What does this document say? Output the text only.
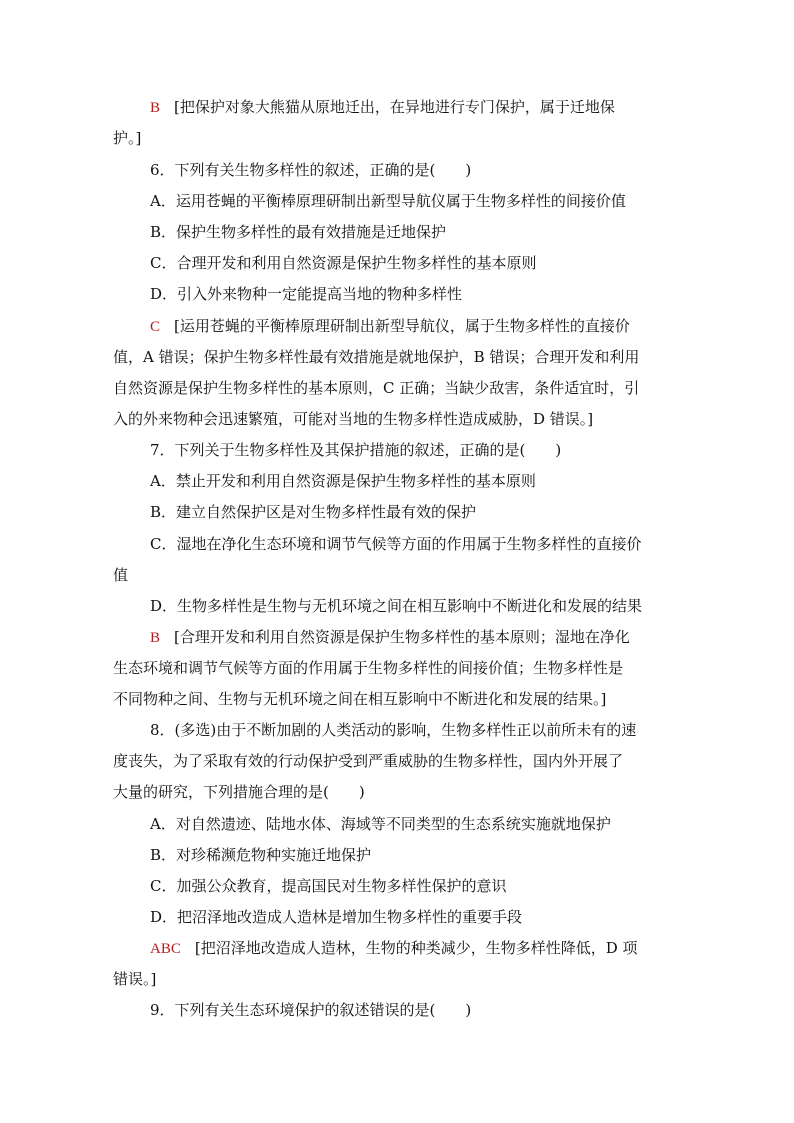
B [把保护对象大熊猫从原地迁出，在异地进行专门保护，属于迁地保
护。]
6．下列有关生物多样性的叙述，正确的是(　　)
A．运用苍蝇的平衡棒原理研制出新型导航仪属于生物多样性的间接价值
B．保护生物多样性的最有效措施是迁地保护
C．合理开发和利用自然资源是保护生物多样性的基本原则
D．引入外来物种一定能提高当地的物种多样性
C [运用苍蝇的平衡棒原理研制出新型导航仪，属于生物多样性的直接价
值，A 错误；保护生物多样性最有效措施是就地保护，B 错误；合理开发和利用
自然资源是保护生物多样性的基本原则，C 正确；当缺少敌害，条件适宜时，引
入的外来物种会迅速繁殖，可能对当地的生物多样性造成威胁，D 错误。]
7．下列关于生物多样性及其保护措施的叙述，正确的是(　　)
A．禁止开发和利用自然资源是保护生物多样性的基本原则
B．建立自然保护区是对生物多样性最有效的保护
C．湿地在净化生态环境和调节气候等方面的作用属于生物多样性的直接价
值
D．生物多样性是生物与无机环境之间在相互影响中不断进化和发展的结果
B [合理开发和利用自然资源是保护生物多样性的基本原则；湿地在净化
生态环境和调节气候等方面的作用属于生物多样性的间接价值；生物多样性是
不同物种之间、生物与无机环境之间在相互影响中不断进化和发展的结果。]
8．(多选)由于不断加剧的人类活动的影响，生物多样性正以前所未有的速
度丧失，为了采取有效的行动保护受到严重威胁的生物多样性，国内外开展了
大量的研究，下列措施合理的是(　　)
A．对自然遗迹、陆地水体、海域等不同类型的生态系统实施就地保护
B．对珍稀濒危物种实施迁地保护
C．加强公众教育，提高国民对生物多样性保护的意识
D．把沼泽地改造成人造林是增加生物多样性的重要手段
ABC [把沼泽地改造成人造林，生物的种类减少，生物多样性降低，D 项
错误。]
9．下列有关生态环境保护的叙述错误的是(　　)
